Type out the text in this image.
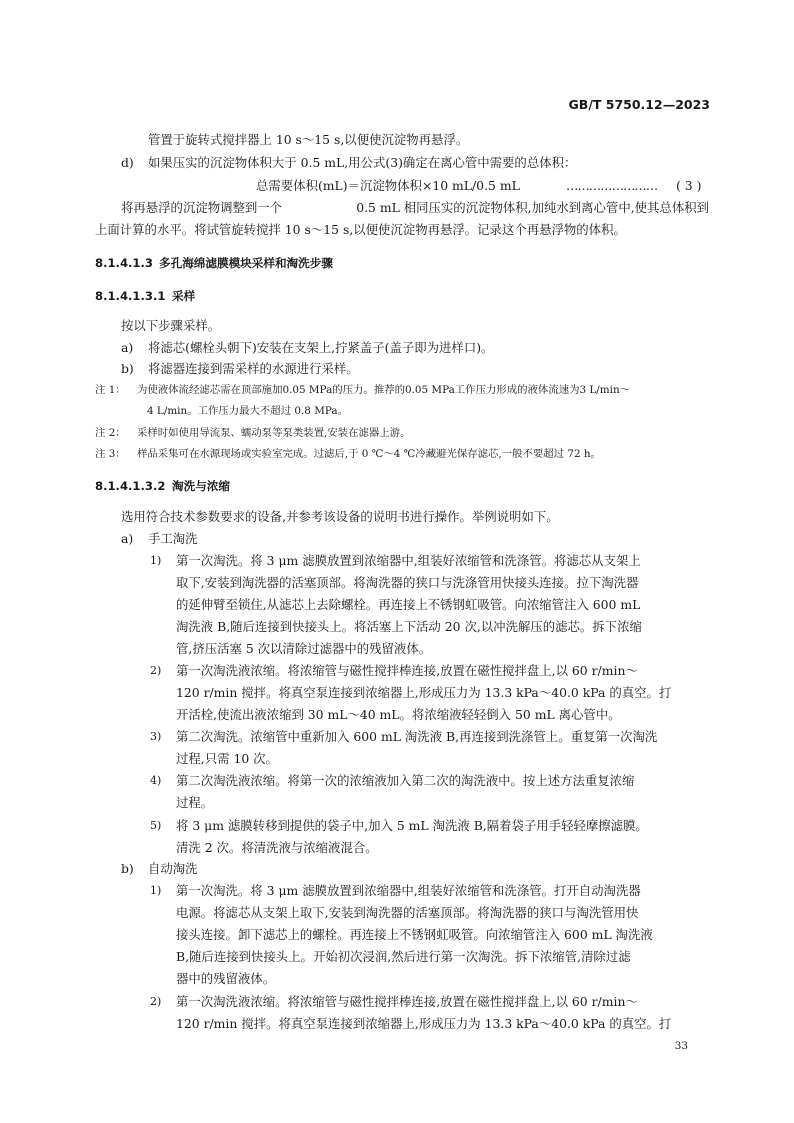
GB/T 5750.12—2023
管置于旋转式搅拌器上 10 s～15 s,以便使沉淀物再悬浮。
d) 如果压实的沉淀物体积大于 0.5 mL,用公式(3)确定在离心管中需要的总体积：
总需要体积(mL)＝沉淀物体积×10 mL/0.5 mL	…………………… ( 3 )
将再悬浮的沉淀物调整到一个	0.5 mL 相同压实的沉淀物体积,加纯水到离心管中,使其总体积到
上面计算的水平。将试管旋转搅拌 10 s～15 s,以便使沉淀物再悬浮。记录这个再悬浮物的体积。
8.1.4.1.3 多孔海绵滤膜模块采样和淘洗步骤
8.1.4.1.3.1 采样
按以下步骤采样。
a) 将滤芯(螺栓头朝下)安装在支架上,拧紧盖子(盖子即为进样口)。
b) 将滤器连接到需采样的水源进行采样。
注 1： 为使液体流经滤芯需在顶部施加0.05 MPa的压力。推荐的0.05 MPa工作压力形成的液体流速为3 L/min～
4 L/min。工作压力最大不超过 0.8 MPa。
注 2： 采样时如使用导流泵、蠕动泵等泵类装置,安装在滤器上游。
注 3： 样品采集可在水源现场或实验室完成。过滤后,于 0 ℃～4 ℃冷藏避光保存滤芯,一般不要超过 72 h。
8.1.4.1.3.2 淘洗与浓缩
选用符合技术参数要求的设备,并参考该设备的说明书进行操作。举例说明如下。
a) 手工淘洗
1) 第一次淘洗。将 3 μm 滤膜放置到浓缩器中,组装好浓缩管和洗涤管。将滤芯从支架上
取下,安装到淘洗器的活塞顶部。将淘洗器的狭口与洗涤管用快接头连接。拉下淘洗器
的延伸臂至锁住,从滤芯上去除螺栓。再连接上不锈钢虹吸管。向浓缩管注入 600 mL
淘洗液 B,随后连接到快接头上。将活塞上下活动 20 次,以冲洗解压的滤芯。拆下浓缩
管,挤压活塞 5 次以清除过滤器中的残留液体。
2) 第一次淘洗液浓缩。将浓缩管与磁性搅拌棒连接,放置在磁性搅拌盘上,以 60 r/min～
120 r/min 搅拌。将真空泵连接到浓缩器上,形成压力为 13.3 kPa～40.0 kPa 的真空。打
开活栓,使流出液浓缩到 30 mL～40 mL。将浓缩液轻轻倒入 50 mL 离心管中。
3) 第二次淘洗。浓缩管中重新加入 600 mL 淘洗液 B,再连接到洗涤管上。重复第一次淘洗
过程,只需 10 次。
4) 第二次淘洗液浓缩。将第一次的浓缩液加入第二次的淘洗液中。按上述方法重复浓缩
过程。
5) 将 3 μm 滤膜转移到提供的袋子中,加入 5 mL 淘洗液 B,隔着袋子用手轻轻摩擦滤膜。
清洗 2 次。将清洗液与浓缩液混合。
b) 自动淘洗
1) 第一次淘洗。将 3 μm 滤膜放置到浓缩器中,组装好浓缩管和洗涤管。打开自动淘洗器
电源。将滤芯从支架上取下,安装到淘洗器的活塞顶部。将淘洗器的狭口与淘洗管用快
接头连接。卸下滤芯上的螺栓。再连接上不锈钢虹吸管。向浓缩管注入 600 mL 淘洗液
B,随后连接到快接头上。开始初次浸润,然后进行第一次淘洗。拆下浓缩管,清除过滤
器中的残留液体。
2) 第一次淘洗液浓缩。将浓缩管与磁性搅拌棒连接,放置在磁性搅拌盘上,以 60 r/min～
120 r/min 搅拌。将真空泵连接到浓缩器上,形成压力为 13.3 kPa～40.0 kPa 的真空。打
33
